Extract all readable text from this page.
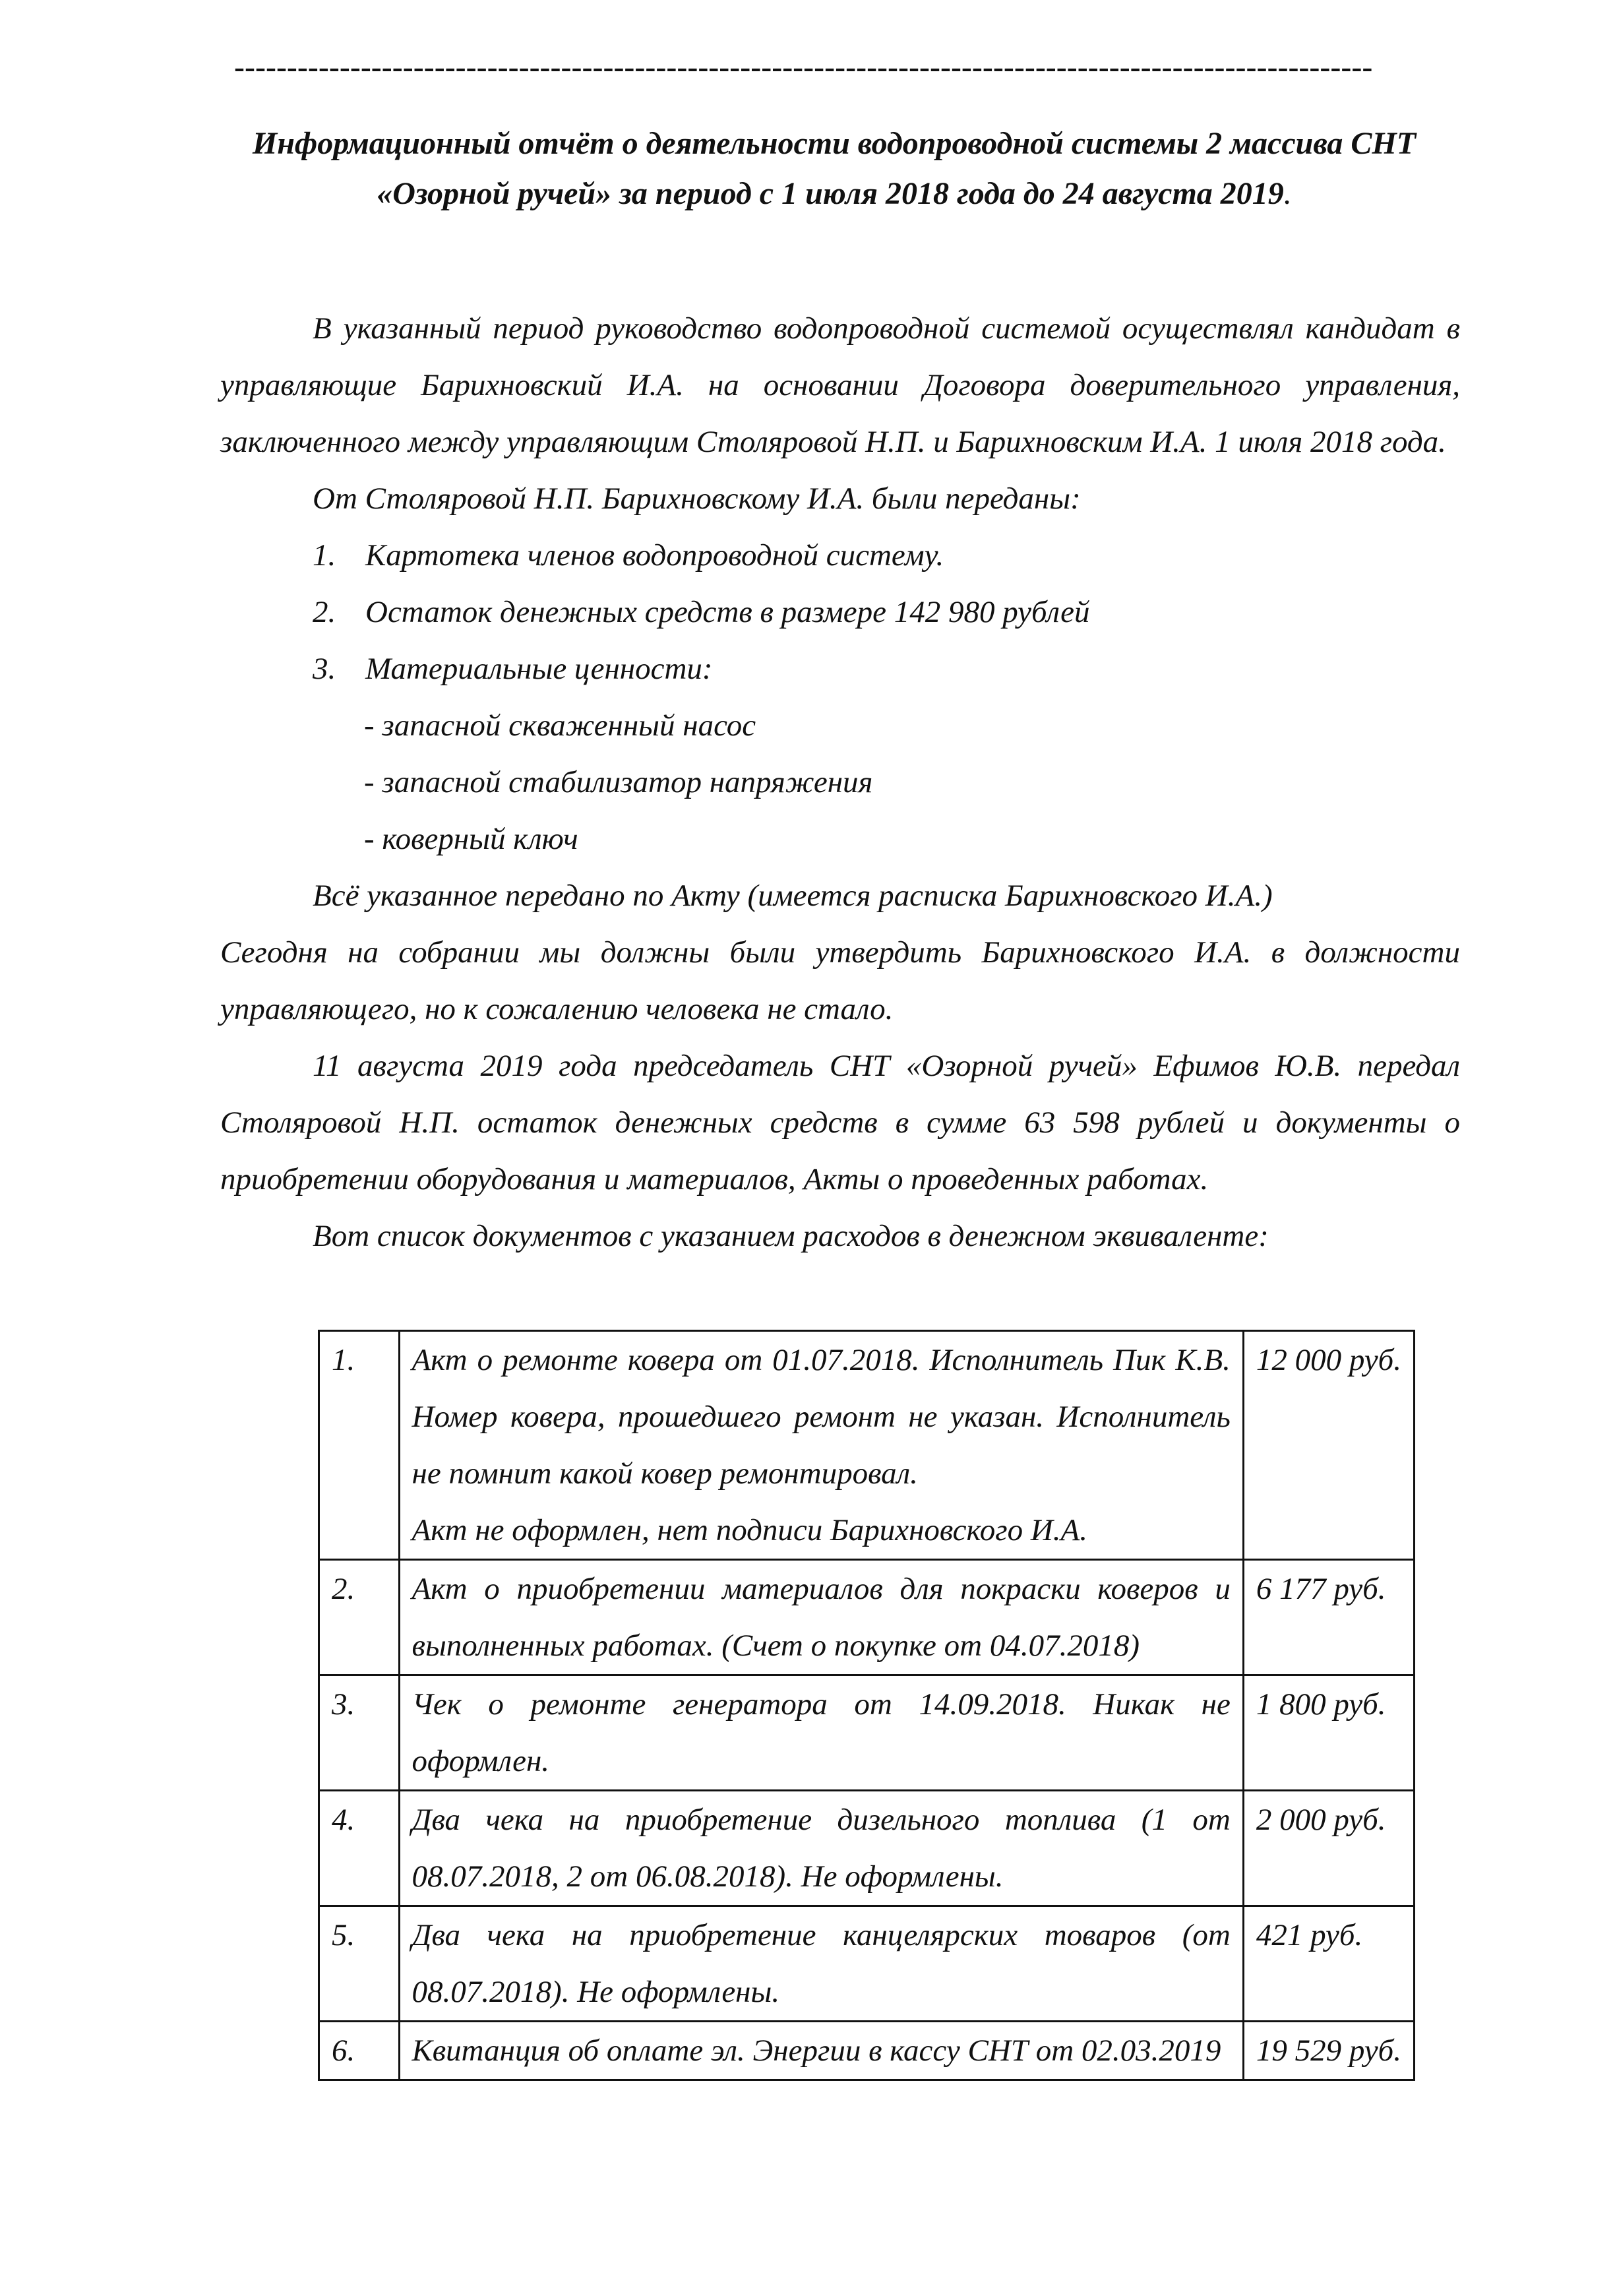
------------------------------------------------------------------------------------------------------------
Информационный отчёт о деятельности водопроводной системы 2 массива СНТ
«Озорной ручей» за период с 1 июля 2018 года до 24 августа 2019.

В указанный период руководство водопроводной системой осуществлял кандидат в управляющие Барихновский И.А. на основании Договора доверительного управления, заключенного между управляющим Столяровой Н.П. и Барихновским И.А. 1 июля 2018 года.

От Столяровой Н.П. Барихновскому И.А. были переданы:

1. Картотека членов водопроводной систему.
2. Остаток денежных средств в размере 142 980 рублей
3. Материальные ценности:
- запасной скваженный насос
- запасной стабилизатор напряжения
- коверный ключ

Всё указанное передано по Акту (имеется расписка Барихновского И.А.)

Сегодня на собрании мы должны были утвердить Барихновского И.А. в должности управляющего, но к сожалению человека не стало.

11 августа 2019 года председатель СНТ «Озорной ручей» Ефимов Ю.В. передал Столяровой Н.П. остаток денежных средств в сумме 63 598 рублей и документы о приобретении оборудования и материалов, Акты о проведенных работах.

Вот список документов с указанием расходов в денежном эквиваленте:

1.	Акт о ремонте ковера от 01.07.2018. Исполнитель Пик К.В. Номер ковера, прошедшего ремонт не указан. Исполнитель не помнит какой ковер ремонтировал.
Акт не оформлен, нет подписи Барихновского И.А.	12 000 руб.
2.	Акт о приобретении материалов для покраски коверов и выполненных работах. (Счет о покупке от 04.07.2018)	6 177 руб.
3.	Чек о ремонте генератора от 14.09.2018. Никак не оформлен.	1 800 руб.
4.	Два чека на приобретение дизельного топлива (1 от 08.07.2018, 2 от 06.08.2018). Не оформлены.	2 000 руб.
5.	Два чека на приобретение канцелярских товаров (от 08.07.2018). Не оформлены.	421 руб.
6.	Квитанция об оплате эл. Энергии в кассу СНТ от 02.03.2019	19 529 руб.
